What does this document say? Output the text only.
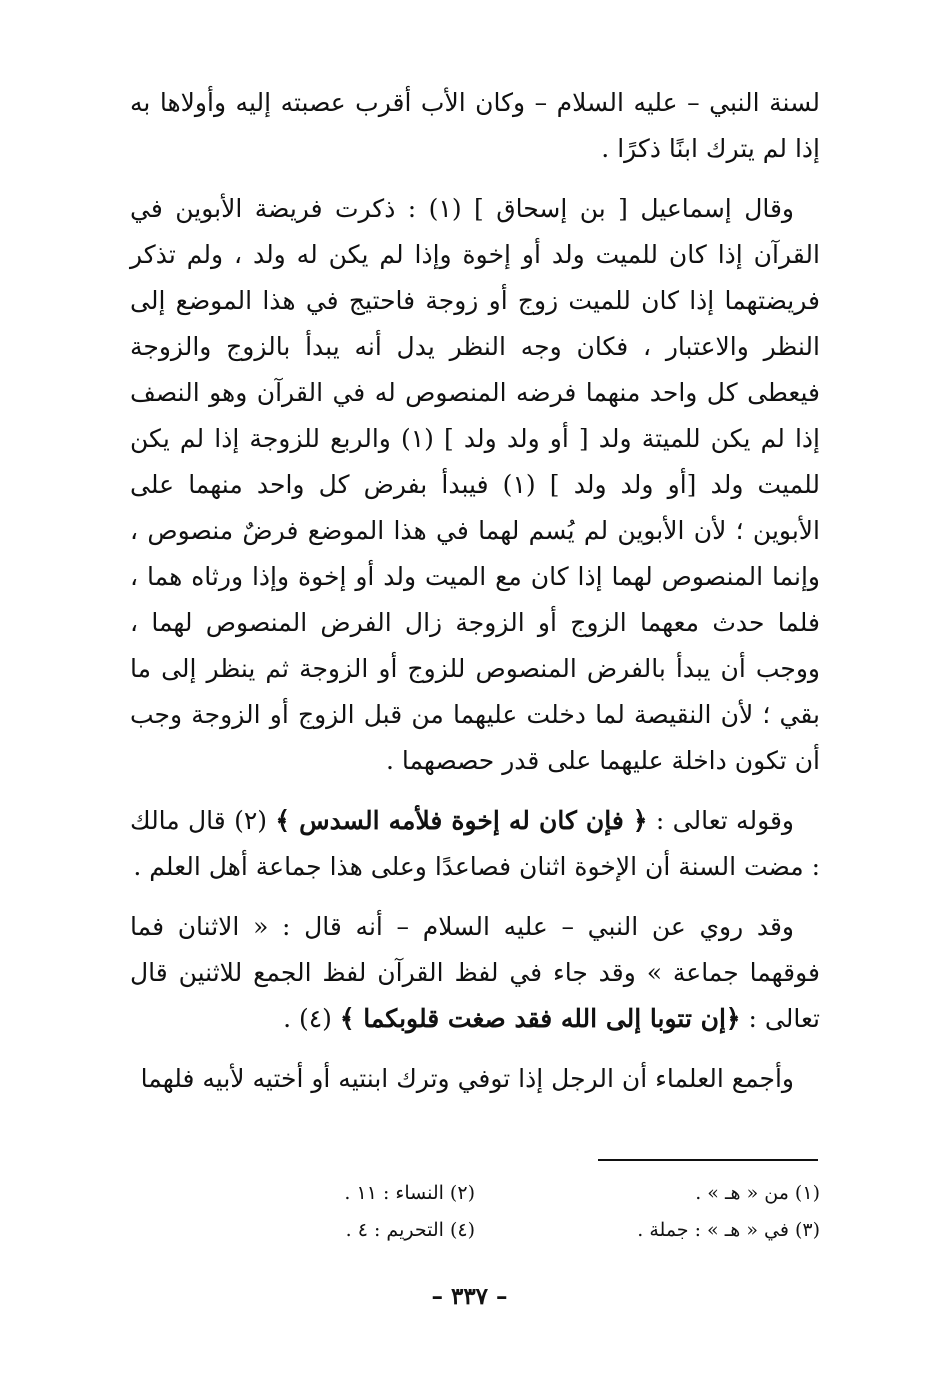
لسنة النبي – عليه السلام – وكان الأب أقرب عصبته إليه وأولاها به إذا لم يترك ابنًا ذكرًا .

وقال إسماعيل [ بن إسحاق ] (١) : ذكرت فريضة الأبوين في القرآن إذا كان للميت ولد أو إخوة وإذا لم يكن له ولد ، ولم تذكر فريضتهما إذا كان للميت زوج أو زوجة فاحتيج في هذا الموضع إلى النظر والاعتبار ، فكان وجه النظر يدل أنه يبدأ بالزوج والزوجة فيعطى كل واحد منهما فرضه المنصوص له في القرآن وهو النصف إذا لم يكن للميتة ولد [ أو ولد ولد ] (١) والربع للزوجة إذا لم يكن للميت ولد [أو ولد ولد ] (١) فيبدأ بفرض كل واحد منهما على الأبوين ؛ لأن الأبوين لم يُسم لهما في هذا الموضع فرضٌ منصوص ، وإنما المنصوص لهما إذا كان مع الميت ولد أو إخوة وإذا ورثاه هما ، فلما حدث معهما الزوج أو الزوجة زال الفرض المنصوص لهما ، ووجب أن يبدأ بالفرض المنصوص للزوج أو الزوجة ثم ينظر إلى ما بقي ؛ لأن النقيصة لما دخلت عليهما من قبل الزوج أو الزوجة وجب أن تكون داخلة عليهما على قدر حصصهما .

وقوله تعالى : ﴿ فإن كان له إخوة فلأمه السدس ﴾ (٢) قال مالك : مضت السنة أن الإخوة اثنان فصاعدًا وعلى هذا جماعة أهل العلم .

وقد روي عن النبي – عليه السلام – أنه قال : « الاثنان فما فوقهما جماعة » وقد جاء في لفظ القرآن لفظ الجمع للاثنين قال تعالى : ﴿إن تتوبا إلى الله فقد صغت قلوبكما ﴾ (٤) .

وأجمع العلماء أن الرجل إذا توفي وترك ابنتيه أو أختيه لأبيه فلهما

(١) من « هـ » .
(٢) النساء : ١١ .
(٣) في « هـ » : جملة .
(٤) التحريم : ٤ .
– ٣٣٧ –
